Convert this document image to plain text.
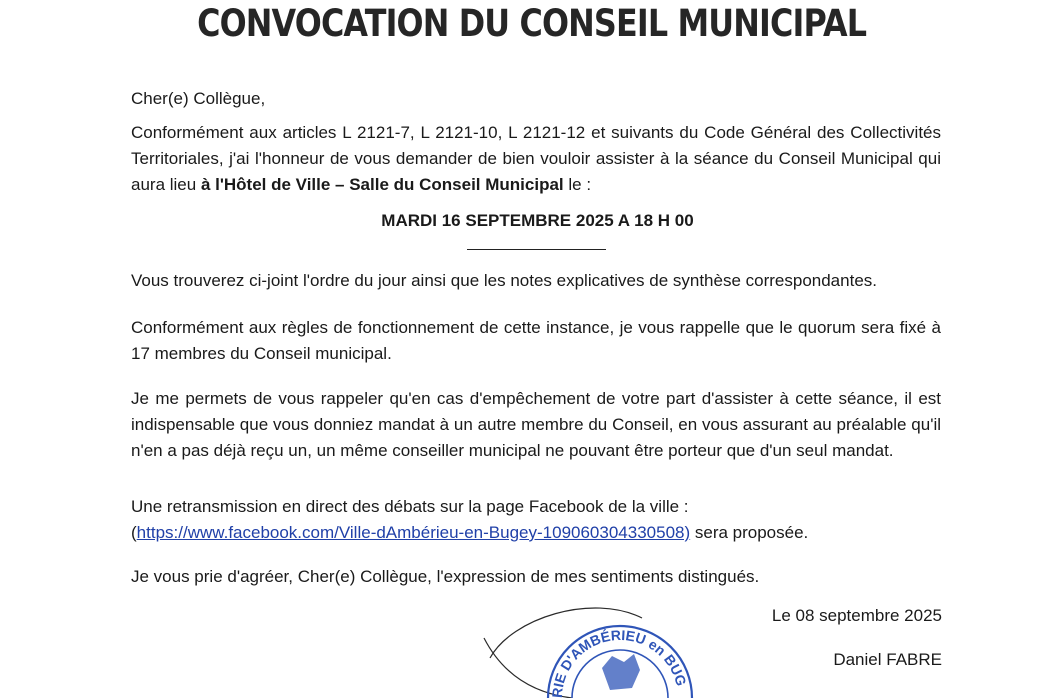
CONVOCATION DU CONSEIL MUNICIPAL

Cher(e) Collègue,

Conformément aux articles L 2121-7, L 2121-10, L 2121-12 et suivants du Code Général des Collectivités Territoriales, j'ai l'honneur de vous demander de bien vouloir assister à la séance du Conseil Municipal qui aura lieu à l'Hôtel de Ville – Salle du Conseil Municipal le :

MARDI 16 SEPTEMBRE 2025 A 18 H 00

Vous trouverez ci-joint l'ordre du jour ainsi que les notes explicatives de synthèse correspondantes.

Conformément aux règles de fonctionnement de cette instance, je vous rappelle que le quorum sera fixé à 17 membres du Conseil municipal.

Je me permets de vous rappeler qu'en cas d'empêchement de votre part d'assister à cette séance, il est indispensable que vous donniez mandat à un autre membre du Conseil, en vous assurant au préalable qu'il n'en a pas déjà reçu un, un même conseiller municipal ne pouvant être porteur que d'un seul mandat.

Une retransmission en direct des débats sur la page Facebook de la ville :
(https://www.facebook.com/Ville-dAmbérieu-en-Bugey-109060304330508) sera proposée.

Je vous prie d'agréer, Cher(e) Collègue, l'expression de mes sentiments distingués.

RIE D'AMBÉRIEU en BUG
Le 08 septembre 2025
Daniel FABRE
